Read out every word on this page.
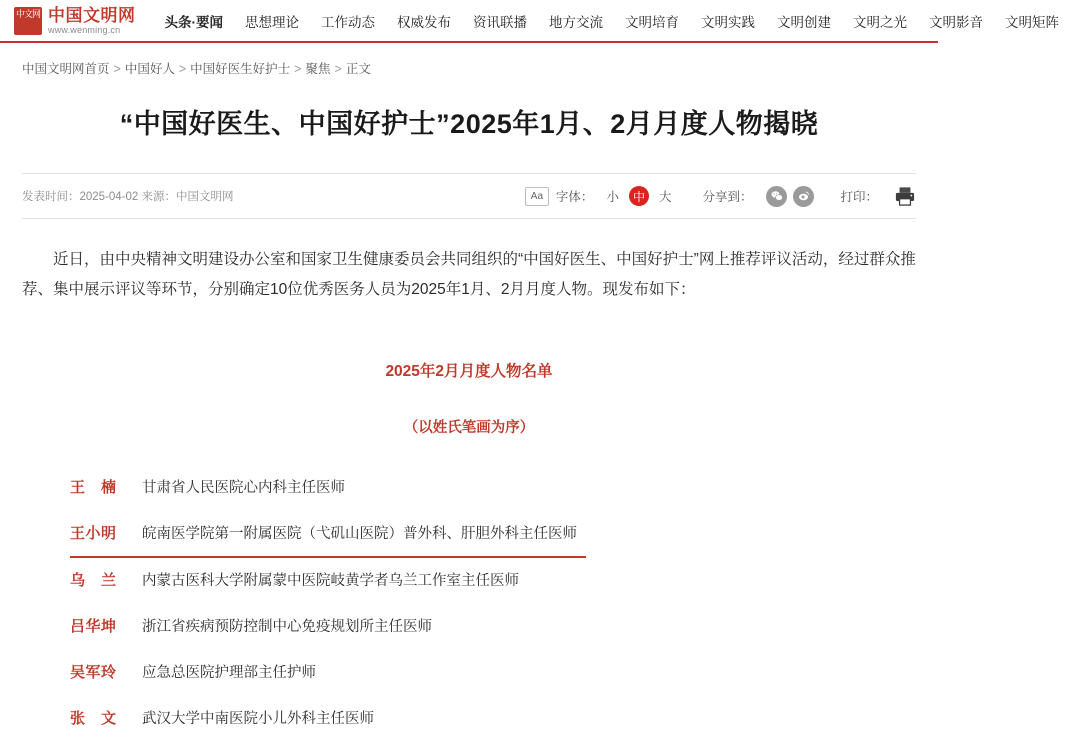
中文网 中国文明网
www.wenming.cn	头条·要闻	思想理论	工作动态	权威发布	资讯联播	地方交流	文明培育	文明实践	文明创建	文明之光	文明影音	文明矩阵
中国文明网首页 > 中国好人 > 中国好医生好护士 > 聚焦 > 正文
“中国好医生、中国好护士”2025年1月、2月月度人物揭晓
发表时间：2025-04-02 来源：中国文明网	Aa	字体： 小	中	大 分享到：	打印：

近日，由中央精神文明建设办公室和国家卫生健康委员会共同组织的“中国好医生、中国好护士”网上推荐评议活动，经过群众推荐、集中展示评议等环节，分别确定10位优秀医务人员为2025年1月、2月月度人物。现发布如下：

2025年2月月度人物名单
（以姓氏笔画为序）
王　楠	甘肃省人民医院心内科主任医师
王小明	皖南医学院第一附属医院（弋矶山医院）普外科、肝胆外科主任医师
乌　兰	内蒙古医科大学附属蒙中医院岐黄学者乌兰工作室主任医师
吕华坤	浙江省疾病预防控制中心免疫规划所主任医师
吴军玲	应急总医院护理部主任护师
张　文	武汉大学中南医院小儿外科主任医师
